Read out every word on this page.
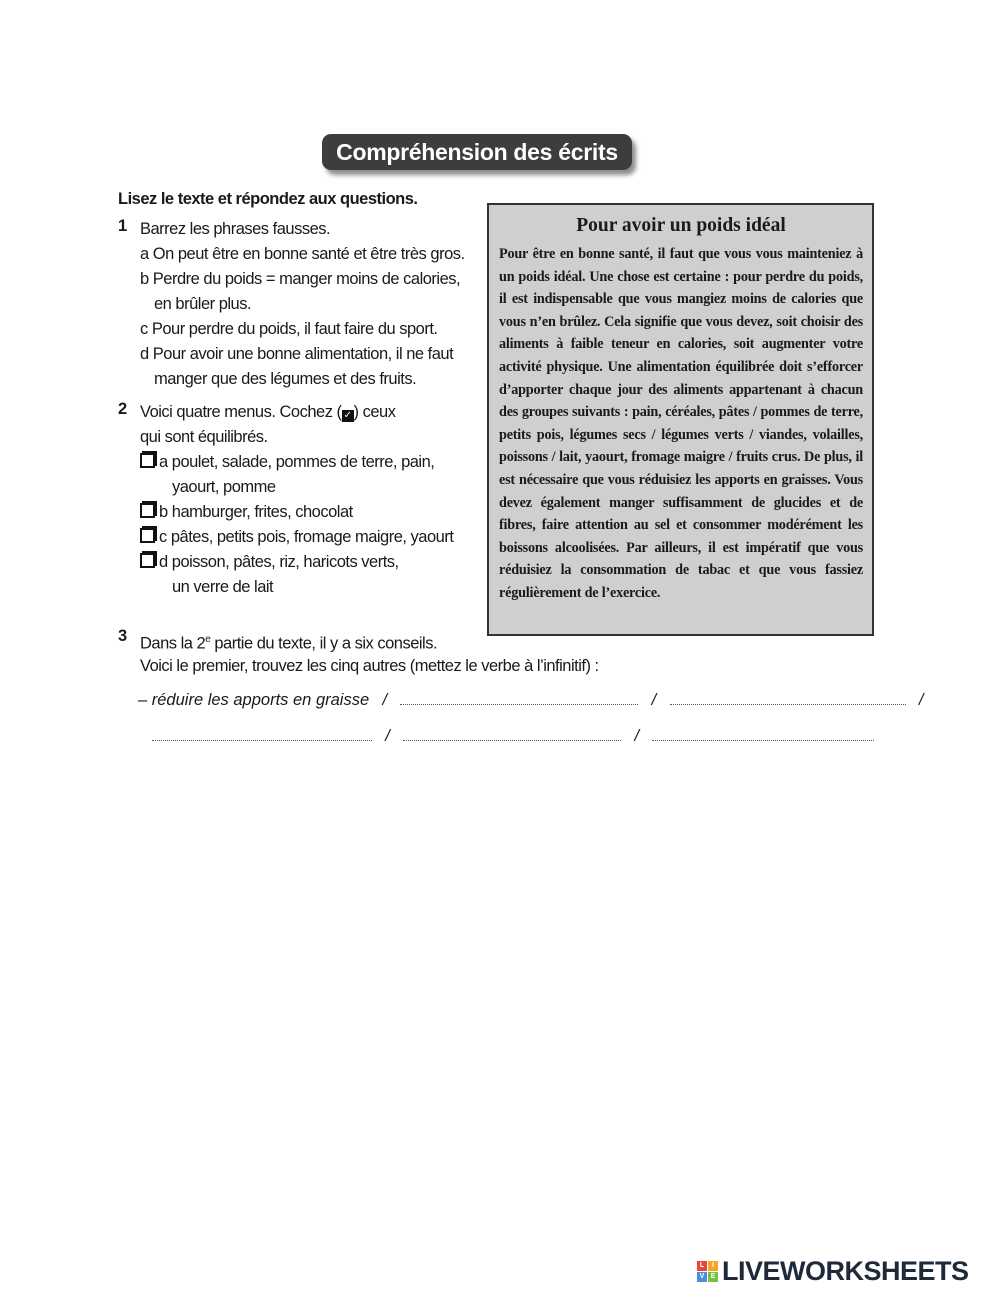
Compréhension des écrits
Lisez le texte et répondez aux questions.
1 Barrez les phrases fausses.
a On peut être en bonne santé et être très gros.
b Perdre du poids = manger moins de calories,
en brûler plus.
c Pour perdre du poids, il faut faire du sport.
d Pour avoir une bonne alimentation, il ne faut
manger que des légumes et des fruits.
2 Voici quatre menus. Cochez ( ✓ ) ceux
qui sont équilibrés.
a poulet, salade, pommes de terre, pain,
yaourt, pomme
b hamburger, frites, chocolat
c pâtes, petits pois, fromage maigre, yaourt
d poisson, pâtes, riz, haricots verts,
un verre de lait
3 Dans la 2e partie du texte, il y a six conseils.
Voici le premier, trouvez les cinq autres (mettez le verbe à l’infinitif) :
– réduire les apports en graisse /	/	/
/	/
Pour avoir un poids idéal
Pour être en bonne santé, il faut que vous vous mainteniez à un poids idéal. Une chose est certaine : pour perdre du poids, il est indispensable que vous mangiez moins de calories que vous n’en brûlez. Cela signifie que vous devez, soit choisir des aliments à faible teneur en calories, soit augmenter votre activité physique. Une alimentation équilibrée doit s’efforcer d’apporter chaque jour des aliments appartenant à chacun des groupes suivants : pain, céréales, pâtes / pommes de terre, petits pois, légumes secs / légumes verts / viandes, volailles, poissons / lait, yaourt, fromage maigre / fruits crus. De plus, il est nécessaire que vous réduisiez les apports en graisses. Vous devez également manger suffisamment de glucides et de fibres, faire attention au sel et consommer modérément les boissons alcoolisées. Par ailleurs, il est impératif que vous réduisiez la consommation de tabac et que vous fassiez régulièrement de l’exercice.
L	I
V E LIVEWORKSHEETS
